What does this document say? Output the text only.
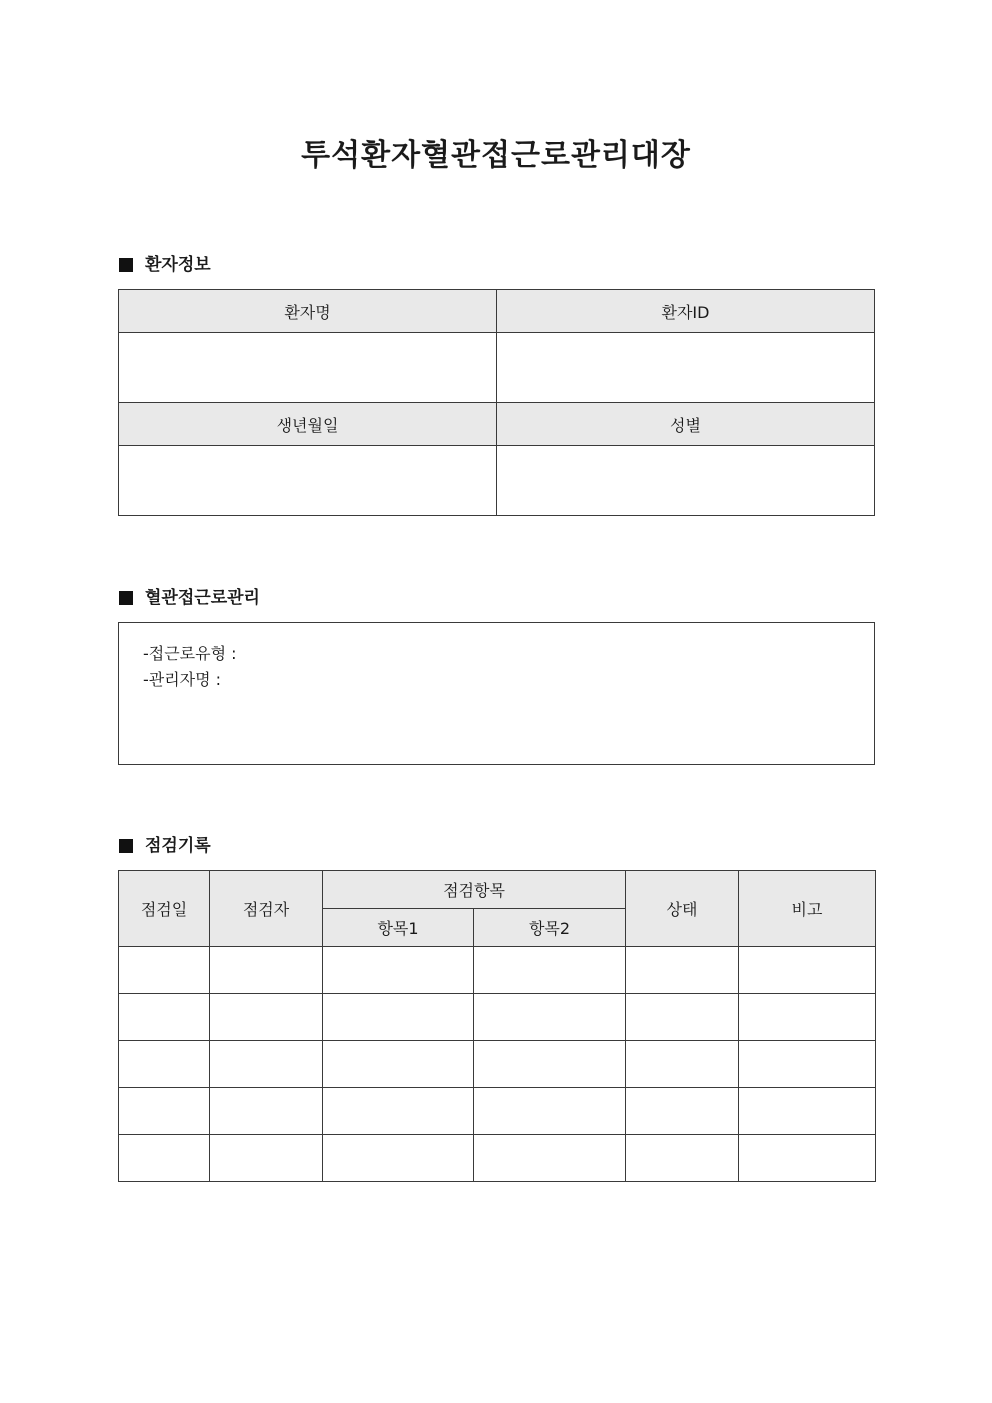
투석환자혈관접근로관리대장
환자정보
환자명	환자ID

생년월일	성별

혈관접근로관리
-접근로유형 :
-관리자명 :
점검기록
점검일	점검자	점검항목		상태	비고
		항목1	항목2		
